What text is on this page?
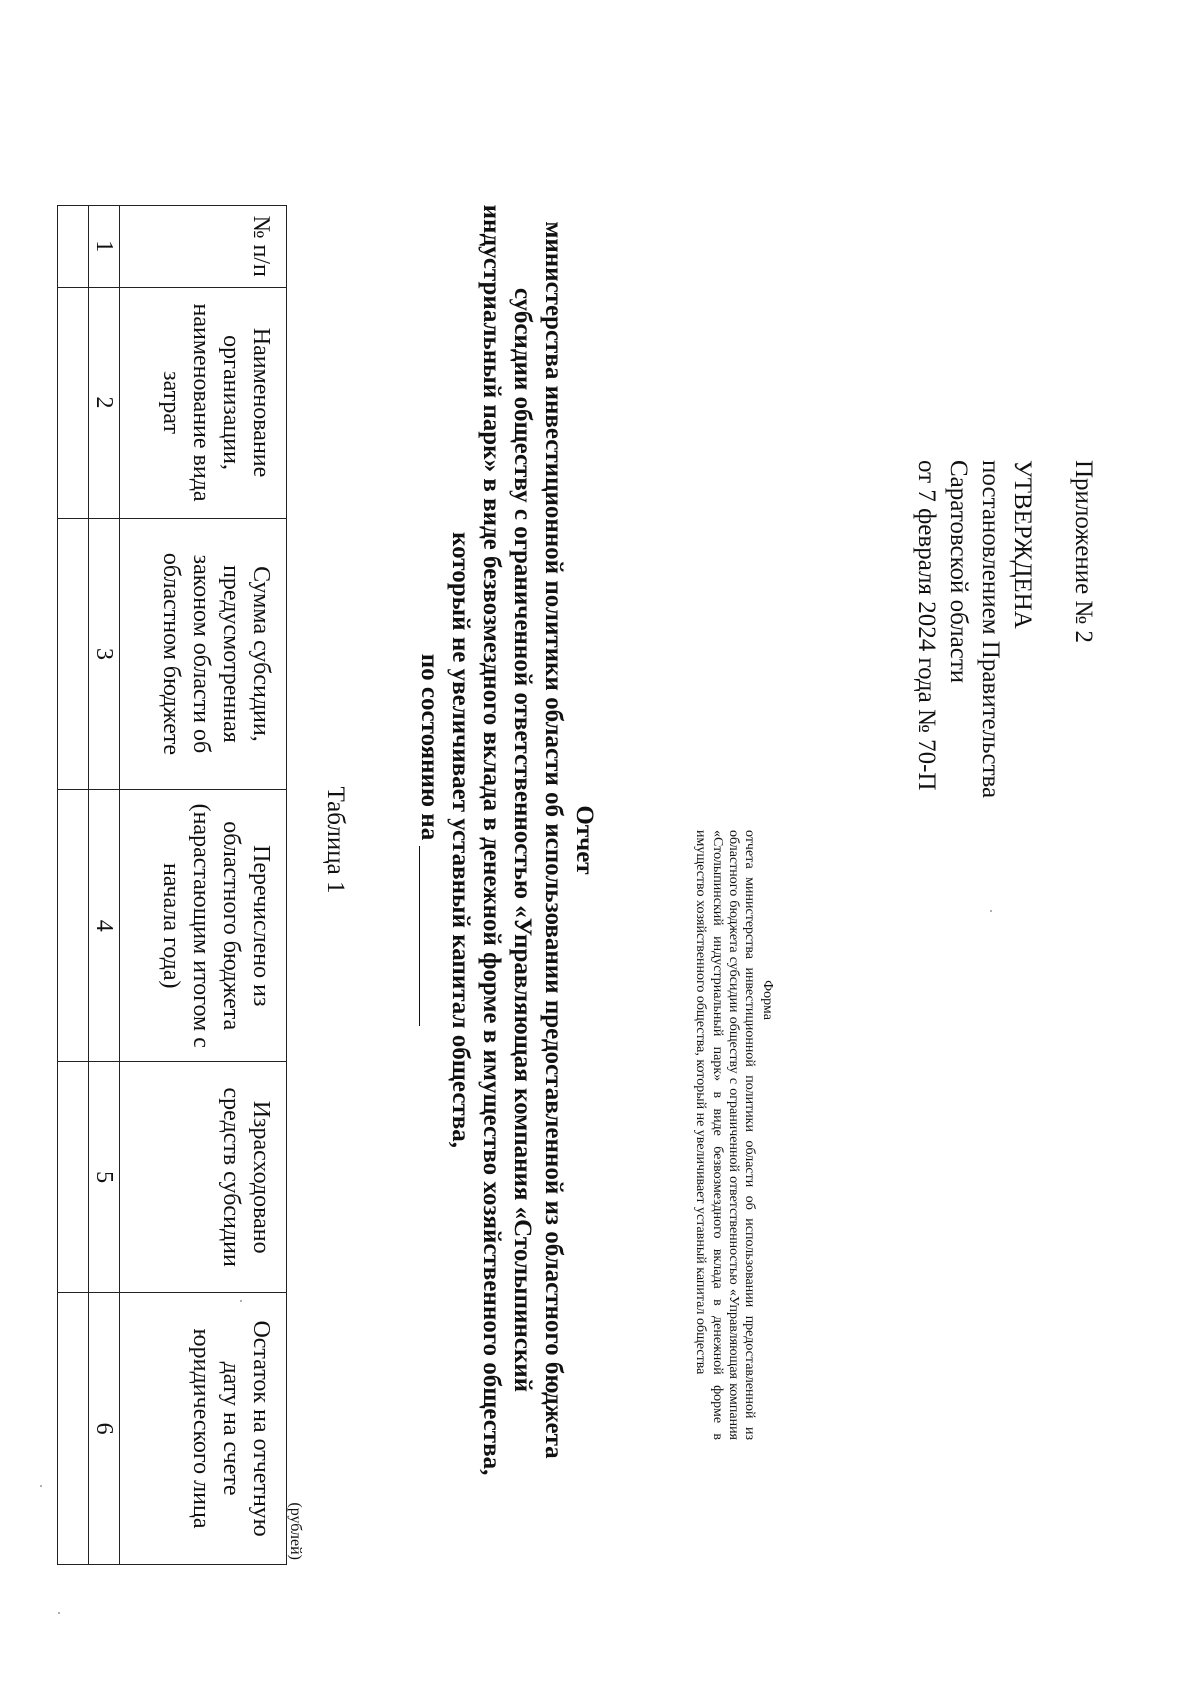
Приложение № 2
УТВЕРЖДЕНА
постановлением Правительства
Саратовской области
от 7 февраля 2024 года № 70-П
Форма
отчета министерства инвестиционной политики области об использовании предоставленной из областного бюджета субсидии обществу с ограниченной ответственностью «Управляющая компания «Столыпинский индустриальный парк» в виде безвозмездного вклада в денежной форме в имущество хозяйственного общества, который не увеличивает уставный капитал общества
Отчет
министерства инвестиционной политики области об использовании предоставленной из областного бюджета
субсидии обществу с ограниченной ответственностью «Управляющая компания «Столыпинский
индустриальный парк» в виде безвозмездного вклада в денежной форме в имущество хозяйственного общества,
который не увеличивает уставный капитал общества,
по состоянию на
Таблица 1
(рублей)
№ п/п	Наименование организации, наименование вида затрат	Сумма субсидии, предусмотренная законом области об областном бюджете	Перечислено из областного бюджета (нарастающим итогом с начала года)	Израсходовано средств субсидии	Остаток на отчетную дату на счете юридического лица
1	2	3	4	5	6
